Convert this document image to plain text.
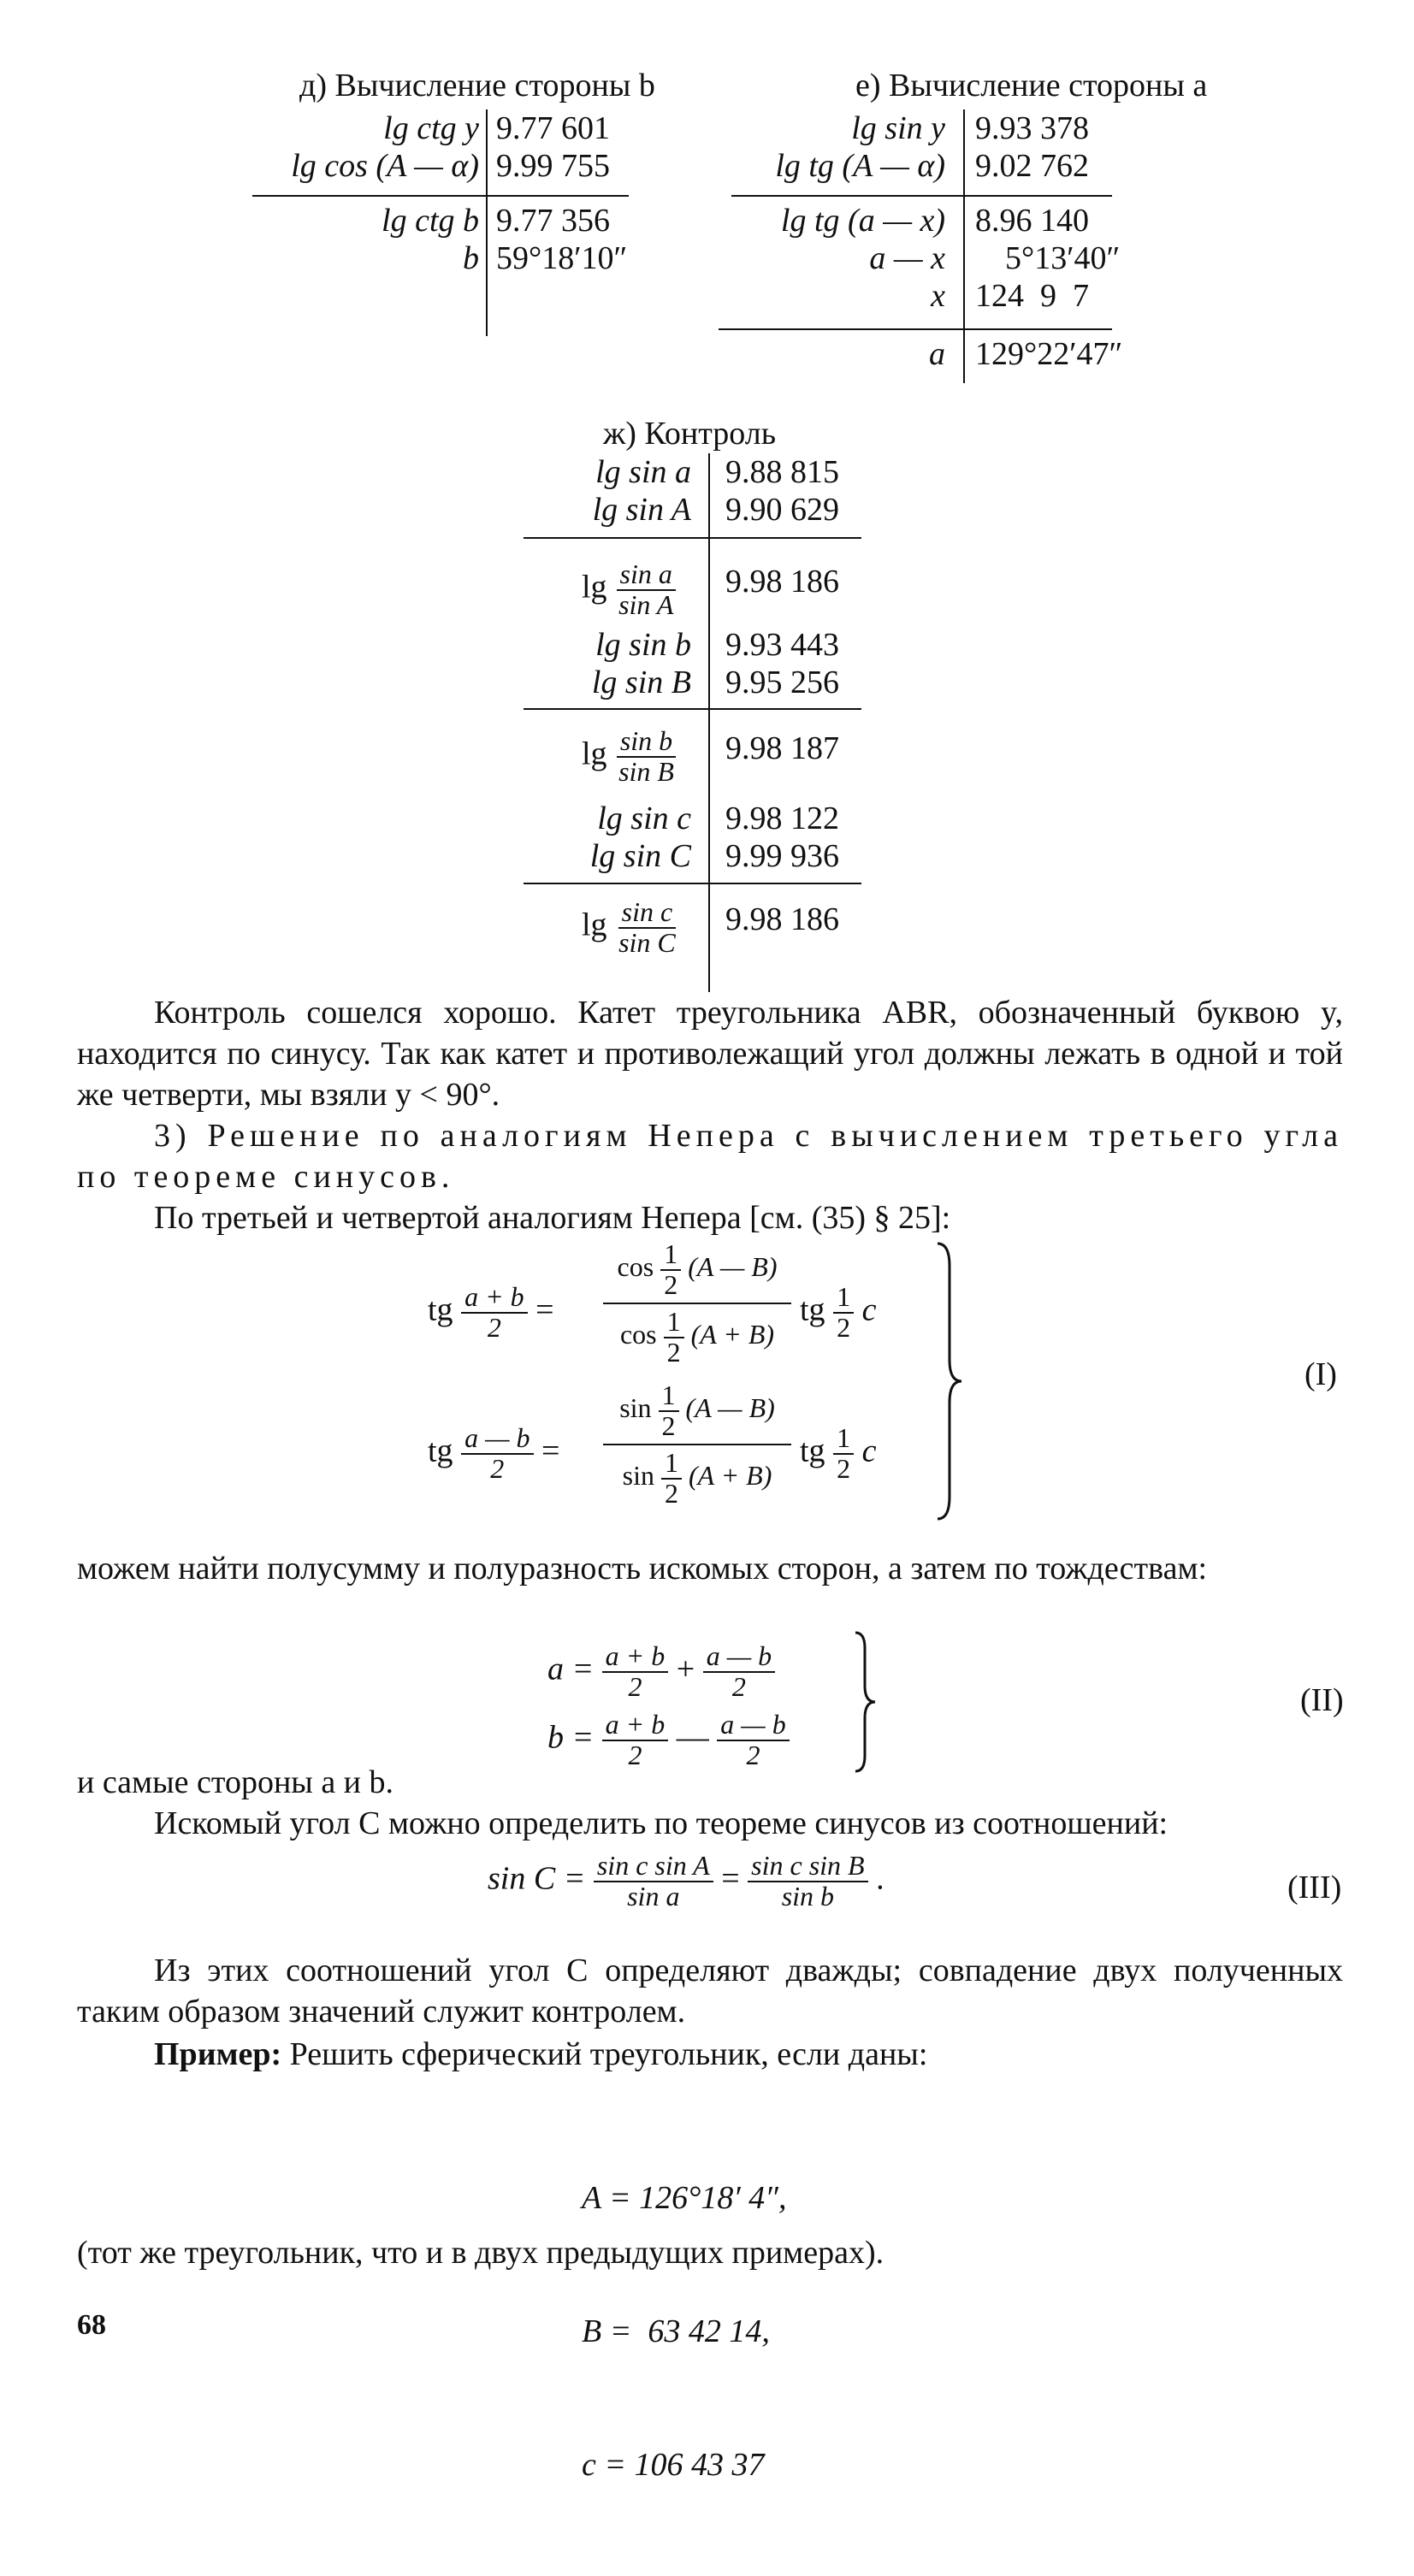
д) Вычисление стороны b
lg ctg y 9.77 601
lg cos (A — α) 9.99 755
lg ctg b 9.77 356
b 59°18′10″
е) Вычисление стороны a
lg sin y 9.93 378
lg tg (A — α) 9.02 762
lg tg (a — x) 8.96 140
a — x 5°13′40″
x 124  9  7
a 129°22′47″
ж) Контроль
lg sin a 9.88 815
lg sin A 9.90 629
$\lg \frac{\text{sin a}}{\text{sin A}} 9.98$ 186
lg sin b 9.93 443
lg sin B 9.95 256
$\lg \frac{\text{sin b}}{\text{sin B}} 9.98$ 187
lg sin c 9.98 122
lg sin C 9.99 936
$\lg \frac{\text{sin c}}{\text{sin C}} 9.98$ 186
Контроль сошелся хорошо. Катет треугольника ABR, обозначенный буквою y, находится по синусу. Так как катет и противолежащий угол должны лежать в одной и той же четверти, мы взяли y < 90°.
3) Решение по аналогиям Непера с вычислением третьего угла по теореме синусов.
По третьей и четвертой аналогиям Непера [см. (35) § 25]:
tg $\frac{a + b}{2}$ =
$\cos \frac{1}{2} (A$ — B)
$\cos \frac{1}{2} (A + B)$
tg $\frac{1}{2}$ c
tg $\frac{a — b}{2}$ =
$\sin \frac{1}{2} (A$ — B)
$\sin \frac{1}{2} (A + B)$
tg $\frac{1}{2}$ c
(I)
можем найти полусумму и полуразность искомых сторон, а затем по тождествам:
$a = \frac{a + b}{2} + \frac{a — b}{2}$
$b = \frac{a + b}{2}$ — $\frac{a — b}{2}$
(II)
и самые стороны a и b.
Искомый угол C можно определить по теореме синусов из соотношений:
$\sin C = \frac{\text{sin c sin A}}{\text{sin a}} = \frac{\text{sin c sin B}}{\text{sin b}}$ .	(III)
Из этих соотношений угол C определяют дважды; совпадение двух полученных таким образом значений служит контролем.
Пример: Решить сферический треугольник, если даны:

A = 126°18′ 4″,

B =  63 42 14,

c = 106 43 37

(тот же треугольник, что и в двух предыдущих примерах).
68
